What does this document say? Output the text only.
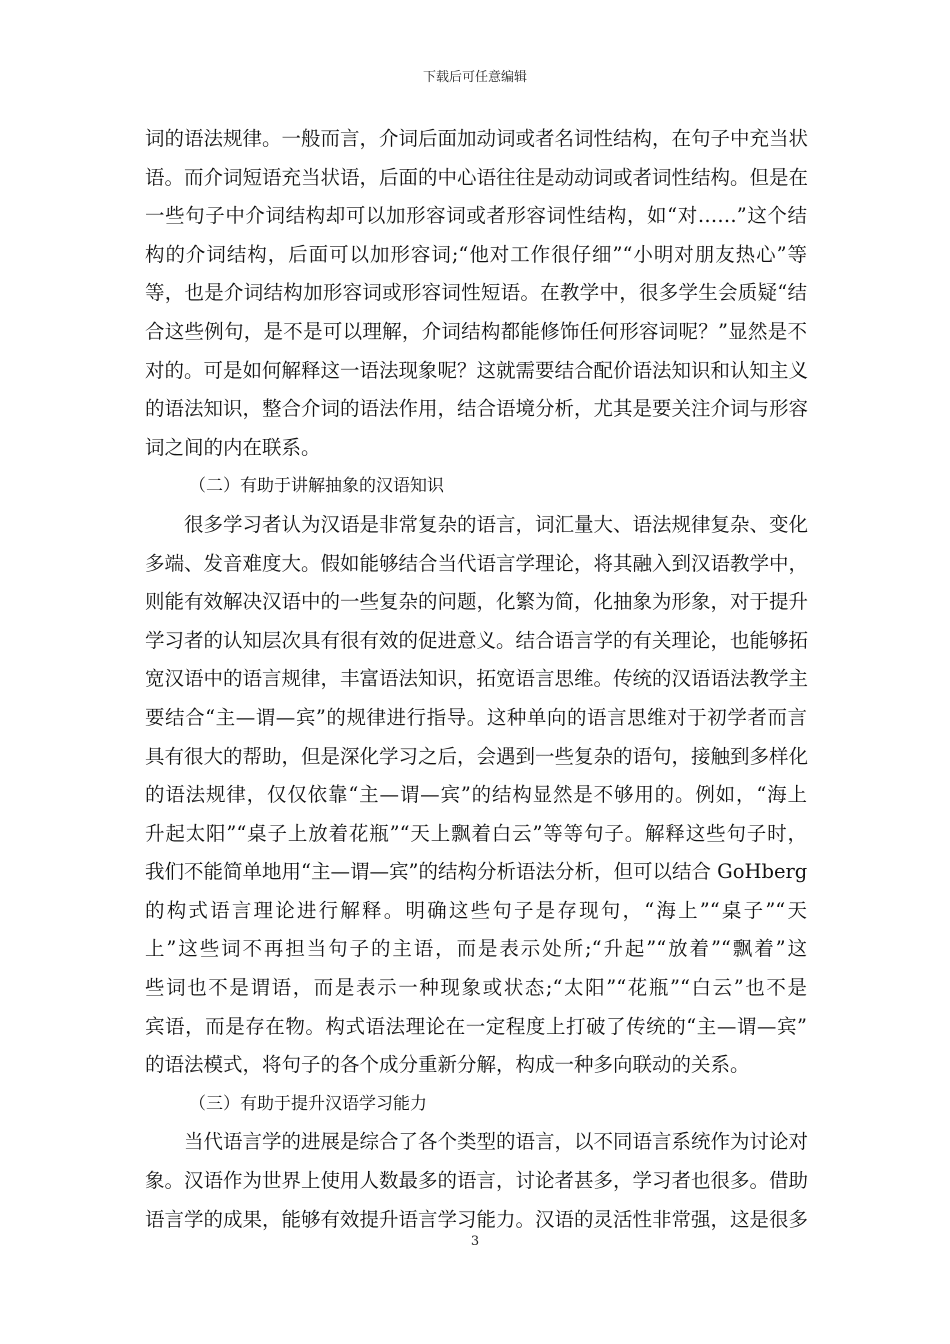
下载后可任意编辑

词的语法规律。一般而言，介词后面加动词或者名词性结构，在句子中充当状
语。而介词短语充当状语，后面的中心语往往是动动词或者词性结构。但是在
一些句子中介词结构却可以加形容词或者形容词性结构，如“对……”这个结
构的介词结构，后面可以加形容词;“他对工作很仔细”“小明对朋友热心”等
等，也是介词结构加形容词或形容词性短语。在教学中，很多学生会质疑“结
合这些例句，是不是可以理解，介词结构都能修饰任何形容词呢？”显然是不
对的。可是如何解释这一语法现象呢？这就需要结合配价语法知识和认知主义
的语法知识，整合介词的语法作用，结合语境分析，尤其是要关注介词与形容
词之间的内在联系。

（二）有助于讲解抽象的汉语知识

很多学习者认为汉语是非常复杂的语言，词汇量大、语法规律复杂、变化
多端、发音难度大。假如能够结合当代语言学理论，将其融入到汉语教学中，
则能有效解决汉语中的一些复杂的问题，化繁为简，化抽象为形象，对于提升
学习者的认知层次具有很有效的促进意义。结合语言学的有关理论，也能够拓
宽汉语中的语言规律，丰富语法知识，拓宽语言思维。传统的汉语语法教学主
要结合“主—谓—宾”的规律进行指导。这种单向的语言思维对于初学者而言
具有很大的帮助，但是深化学习之后，会遇到一些复杂的语句，接触到多样化
的语法规律，仅仅依靠“主—谓—宾”的结构显然是不够用的。例如，“海上
升起太阳”“桌子上放着花瓶”“天上飘着白云”等等句子。解释这些句子时，
我们不能简单地用“主—谓—宾”的结构分析语法分析，但可以结合 GoHberg
的构式语言理论进行解释。明确这些句子是存现句，“海上”“桌子”“天
上”这些词不再担当句子的主语，而是表示处所;“升起”“放着”“飘着”这
些词也不是谓语，而是表示一种现象或状态;“太阳”“花瓶”“白云”也不是
宾语，而是存在物。构式语法理论在一定程度上打破了传统的“主—谓—宾”
的语法模式，将句子的各个成分重新分解，构成一种多向联动的关系。

（三）有助于提升汉语学习能力

当代语言学的进展是综合了各个类型的语言，以不同语言系统作为讨论对
象。汉语作为世界上使用人数最多的语言，讨论者甚多，学习者也很多。借助
语言学的成果，能够有效提升语言学习能力。汉语的灵活性非常强，这是很多

3
